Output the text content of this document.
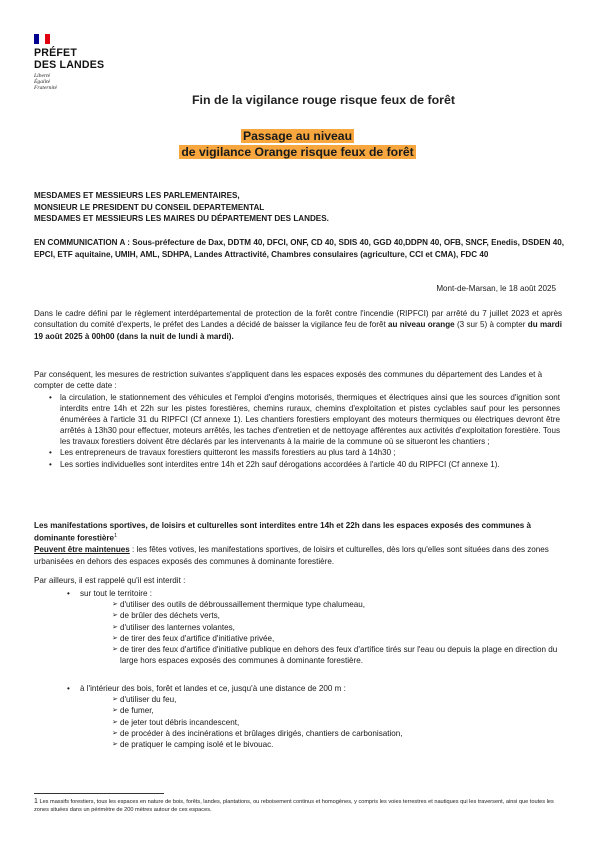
PRÉFET
DES LANDES
Liberté
Égalité
Fraternité
Fin de la vigilance rouge risque feux de forêt
Passage au niveau
de vigilance Orange risque feux de forêt
MESDAMES ET MESSIEURS LES PARLEMENTAIRES,
MONSIEUR LE PRESIDENT DU CONSEIL DEPARTEMENTAL
MESDAMES ET MESSIEURS LES MAIRES DU DÉPARTEMENT DES LANDES.
EN COMMUNICATION A : Sous-préfecture de Dax, DDTM 40, DFCI, ONF, CD 40, SDIS 40, GGD 40,DDPN 40, OFB, SNCF, Enedis, DSDEN 40, EPCI, ETF aquitaine, UMIH, AML, SDHPA, Landes Attractivité, Chambres consulaires (agriculture, CCI et CMA), FDC 40
Mont-de-Marsan, le 18 août 2025
Dans le cadre défini par le règlement interdépartemental de protection de la forêt contre l'incendie (RIPFCI) par arrêté du 7 juillet 2023 et après consultation du comité d'experts, le préfet des Landes a décidé de baisser la vigilance feu de forêt au niveau orange (3 sur 5) à compter du mardi 19 août 2025 à 00h00 (dans la nuit de lundi à mardi).
Par conséquent, les mesures de restriction suivantes s'appliquent dans les espaces exposés des communes du département des Landes et à compter de cette date :
• la circulation, le stationnement des véhicules et l'emploi d'engins motorisés, thermiques et électriques ainsi que les sources d'ignition sont interdits entre 14h et 22h sur les pistes forestières, chemins ruraux, chemins d'exploitation et pistes cyclables sauf pour les personnes énumérées à l'article 31 du RIPFCI (Cf annexe 1). Les chantiers forestiers employant des moteurs thermiques ou électriques devront être arrêtés à 13h30 pour effectuer, moteurs arrêtés, les taches d'entretien et de nettoyage afférentes aux activités d'exploitation forestière. Tous les travaux forestiers doivent être déclarés par les intervenants à la mairie de la commune où se situeront les chantiers ;
• Les entrepreneurs de travaux forestiers quitteront les massifs forestiers au plus tard à 14h30 ;
• Les sorties individuelles sont interdites entre 14h et 22h sauf dérogations accordées à l'article 40 du RIPFCI (Cf annexe 1).
Les manifestations sportives, de loisirs et culturelles sont interdites entre 14h et 22h dans les espaces exposés des communes à dominante forestière$^1$
Peuvent être maintenues : les fêtes votives, les manifestations sportives, de loisirs et culturelles, dès lors qu'elles sont situées dans des zones urbanisées en dehors des espaces exposés des communes à dominante forestière.
Par ailleurs, il est rappelé qu'il est interdit :
• sur tout le territoire :
➢ d'utiliser des outils de débroussaillement thermique type chalumeau,
➢ de brûler des déchets verts,
➢ d'utiliser des lanternes volantes,
➢ de tirer des feux d'artifice d'initiative privée,
➢ de tirer des feux d'artifice d'initiative publique en dehors des feux d'artifice tirés sur l'eau ou depuis la plage en direction du large hors espaces exposés des communes à dominante forestière.
• à l'intérieur des bois, forêt et landes et ce, jusqu'à une distance de 200 m :
➢ d'utiliser du feu,
➢ de fumer,
➢ de jeter tout débris incandescent,
➢ de procéder à des incinérations et brûlages dirigés, chantiers de carbonisation,
➢ de pratiquer le camping isolé et le bivouac.
1 Les massifs forestiers, tous les espaces en nature de bois, forêts, landes, plantations, ou reboisement continus et homogènes, y compris les voies terrestres et nautiques qui les traversent, ainsi que toutes les zones situées dans un périmètre de 200 mètres autour de ces espaces.
